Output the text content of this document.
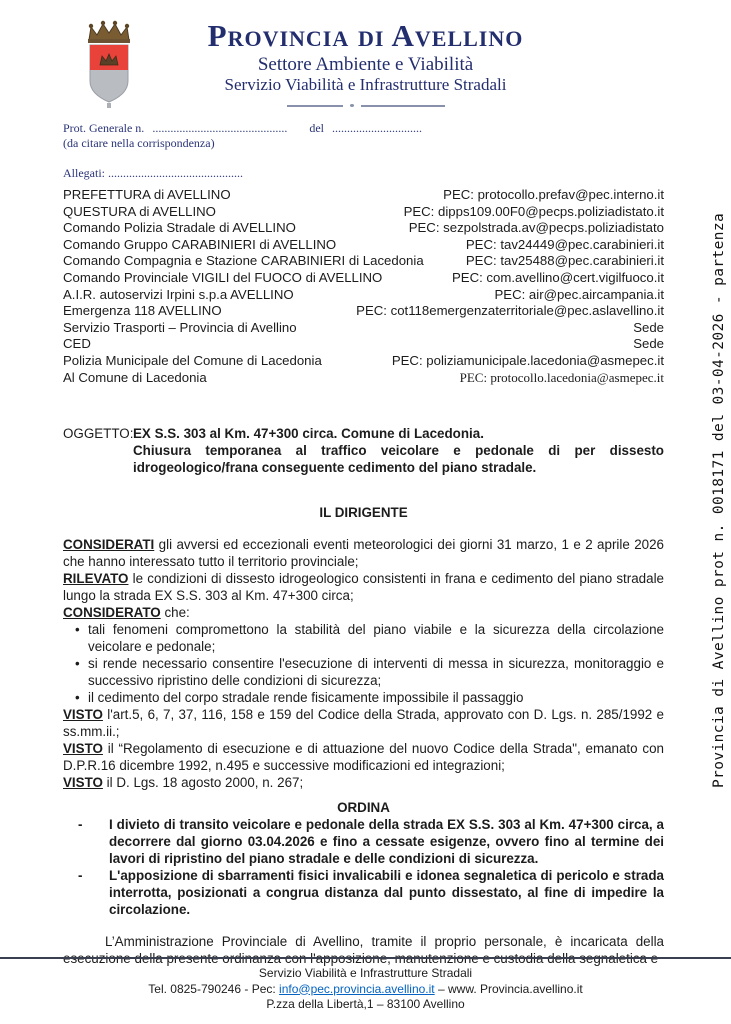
Provincia di Avellino prot n. 0018171 del 03-04-2026 - partenza
Provincia di Avellino
Settore Ambiente e Viabilità
Servizio Viabilità e Infrastrutture Stradali
Prot. Generale n. ............................................. del ..............................
(da citare nella corrispondenza)
Allegati: .............................................
PREFETTURA di AVELLINO	PEC: protocollo.prefav@pec.interno.it
QUESTURA di AVELLINO	PEC: dipps109.00F0@pecps.poliziadistato.it
Comando Polizia Stradale di AVELLINO	PEC: sezpolstrada.av@pecps.poliziadistato
Comando Gruppo CARABINIERI di AVELLINO	PEC: tav24449@pec.carabinieri.it
Comando Compagnia e Stazione CARABINIERI di Lacedonia	PEC: tav25488@pec.carabinieri.it
Comando Provinciale VIGILI del FUOCO di AVELLINO	PEC: com.avellino@cert.vigilfuoco.it
A.I.R. autoservizi Irpini s.p.a AVELLINO	PEC: air@pec.aircampania.it
Emergenza 118 AVELLINO	PEC: cot118emergenzaterritoriale@pec.aslavellino.it
Servizio Trasporti – Provincia di Avellino	Sede
CED	Sede
Polizia Municipale del Comune di Lacedonia	PEC: poliziamunicipale.lacedonia@asmepec.it
Al Comune di Lacedonia	PEC: protocollo.lacedonia@asmepec.it
OGGETTO: EX S.S. 303 al Km. 47+300 circa. Comune di Lacedonia.
Chiusura temporanea al traffico veicolare e pedonale di per dissesto idrogeologico/frana conseguente cedimento del piano stradale.
IL DIRIGENTE

CONSIDERATI gli avversi ed eccezionali eventi meteorologici dei giorni 31 marzo, 1 e 2 aprile 2026 che hanno interessato tutto il territorio provinciale;

RILEVATO le condizioni di dissesto idrogeologico consistenti in frana e cedimento del piano stradale lungo la strada EX S.S. 303 al Km. 47+300 circa;

CONSIDERATO che:

• tali fenomeni compromettono la stabilità del piano viabile e la sicurezza della circolazione veicolare e pedonale;
• si rende necessario consentire l'esecuzione di interventi di messa in sicurezza, monitoraggio e successivo ripristino delle condizioni di sicurezza;
• il cedimento del corpo stradale rende fisicamente impossibile il passaggio

VISTO l'art.5, 6, 7, 37, 116, 158 e 159 del Codice della Strada, approvato con D. Lgs. n. 285/1992 e ss.mm.ii.;

VISTO il “Regolamento di esecuzione e di attuazione del nuovo Codice della Strada", emanato con D.P.R.16 dicembre 1992, n.495 e successive modificazioni ed integrazioni;

VISTO il D. Lgs. 18 agosto 2000, n. 267;

ORDINA
-	I divieto di transito veicolare e pedonale della strada EX S.S. 303 al Km. 47+300 circa, a decorrere dal giorno 03.04.2026 e fino a cessate esigenze, ovvero fino al termine dei lavori di ripristino del piano stradale e delle condizioni di sicurezza.
-	L'apposizione di sbarramenti fisici invalicabili e idonea segnaletica di pericolo e strada interrotta, posizionati a congrua distanza dal punto dissestato, al fine di impedire la circolazione.

L’Amministrazione Provinciale di Avellino, tramite il proprio personale, è incaricata della esecuzione della presente ordinanza con l'apposizione, manutenzione e custodia della segnaletica e

Servizio Viabilità e Infrastrutture Stradali
Tel. 0825-790246 - Pec: info@pec.provincia.avellino.it – www. Provincia.avellino.it
P.zza della Libertà,1 – 83100 Avellino
